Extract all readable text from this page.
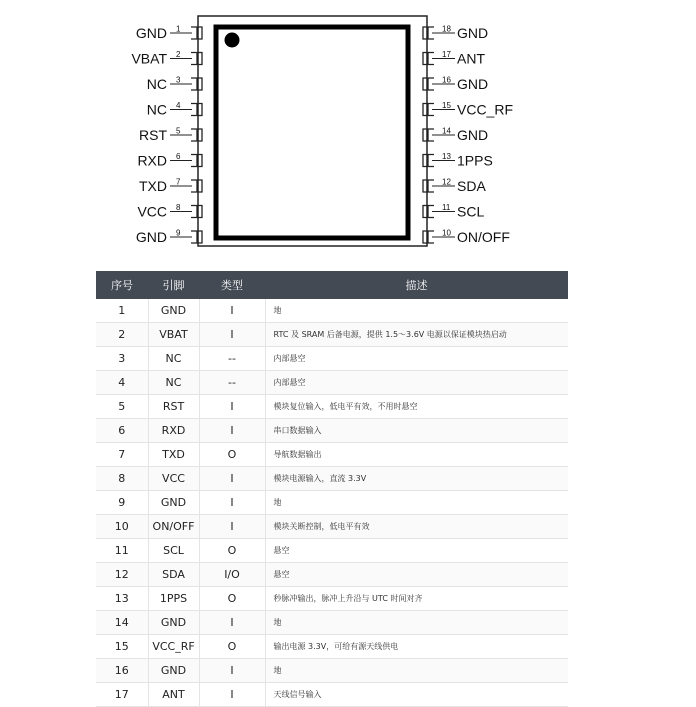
1
GND
2
VBAT
3
NC
4
NC
5
RST
6
RXD
7
TXD
8
VCC
9
GND
18 GND
17 ANT
16 GND
15 VCC_RF
14 GND
13 1PPS
12 SDA
11 SCL
10 ON/OFF
序号	引脚	类型	描述
1	GND	I	地
2	VBAT	I	RTC 及 SRAM 后备电源，提供 1.5～3.6V 电源以保证模块热启动
3	NC	--	内部悬空
4	NC	--	内部悬空
5	RST	I	模块复位输入，低电平有效，不用时悬空
6	RXD	I	串口数据输入
7	TXD	O	导航数据输出
8	VCC	I	模块电源输入，直流 3.3V
9	GND	I	地
10	ON/OFF	I	模块关断控制，低电平有效
11	SCL	O	悬空
12	SDA	I/O	悬空
13	1PPS	O	秒脉冲输出，脉冲上升沿与 UTC 时间对齐
14	GND	I	地
15	VCC_RF	O	输出电源 3.3V，可给有源天线供电
16	GND	I	地
17	ANT	I	天线信号输入
